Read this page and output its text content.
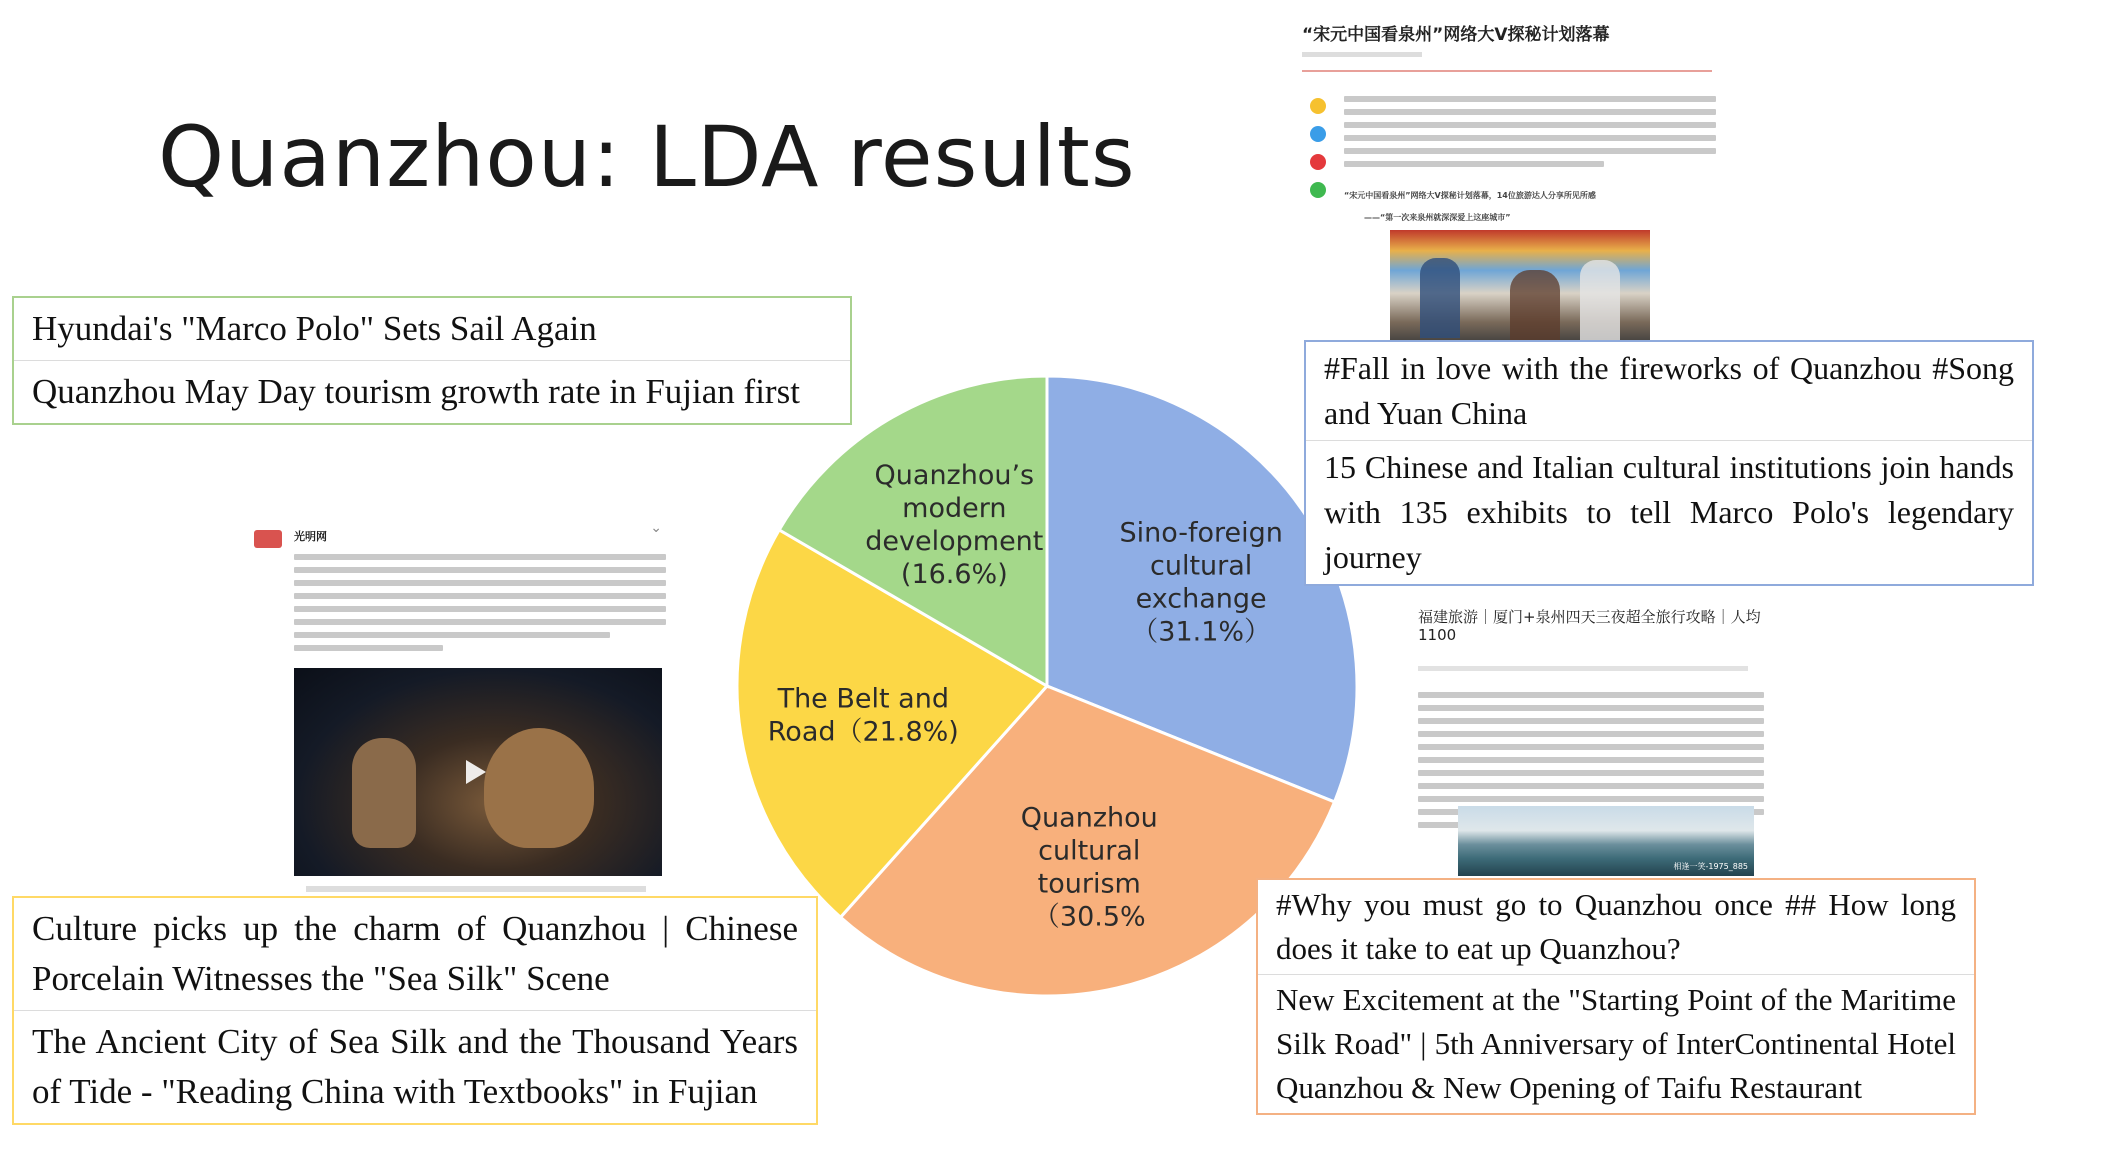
Quanzhou: LDA results
Sino-foreign cultural exchange （31.1%）
Quanzhou cultural tourism （30.5%
The Belt and Road（21.8%)
Quanzhou’s modern development (16.6%)
“宋元中国看泉州”网络大V探秘计划落幕
“宋元中国看泉州”网络大V探秘计划落幕，14位旅游达人分享所见所感
——“第一次来泉州就深深爱上这座城市”
光明网
⌄
福建旅游｜厦门+泉州四天三夜超全旅行攻略｜人均1100
相逢一笑-1975_885
Hyundai's "Marco Polo" Sets Sail Again
Quanzhou May Day tourism growth rate in Fujian first
#Fall in love with the fireworks of Quanzhou #Song and Yuan China
15 Chinese and Italian cultural institutions join hands with 135 exhibits to tell Marco Polo's legendary journey
Culture picks up the charm of Quanzhou | Chinese Porcelain Witnesses the "Sea Silk" Scene
The Ancient City of Sea Silk and the Thousand Years of Tide - "Reading China with Textbooks" in Fujian
#Why you must go to Quanzhou once ## How long does it take to eat up Quanzhou?
New Excitement at the "Starting Point of the Maritime Silk Road" | 5th Anniversary of InterContinental Hotel Quanzhou & New Opening of Taifu Restaurant
